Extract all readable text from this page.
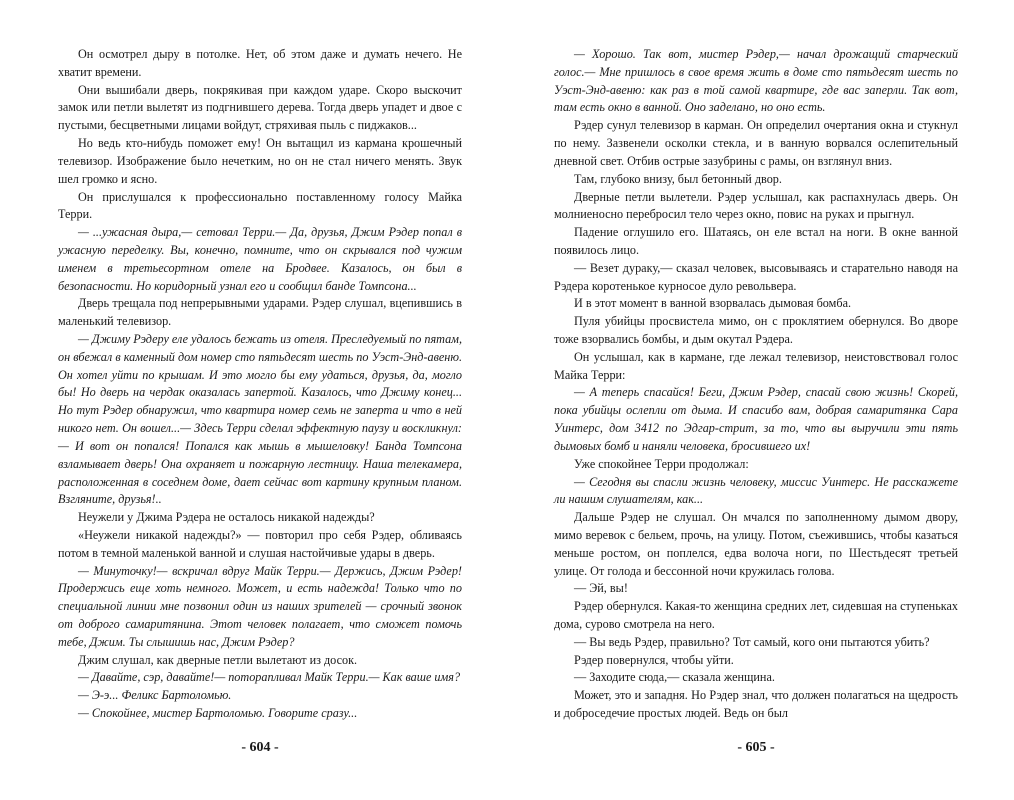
Он осмотрел дыру в потолке. Нет, об этом даже и думать нечего. Не хватит времени.

Они вышибали дверь, покрякивая при каждом ударе. Скоро выскочит замок или петли вылетят из подгнившего дерева. Тогда дверь упадет и двое с пустыми, бесцветными лицами войдут, стряхивая пыль с пиджаков...

Но ведь кто-нибудь поможет ему! Он вытащил из кармана крошечный телевизор. Изображение было нечетким, но он не стал ничего менять. Звук шел громко и ясно.

Он прислушался к профессионально поставленному голосу Майка Терри.

— ...ужасная дыра,— сетовал Терри.— Да, друзья, Джим Рэдер попал в ужасную переделку. Вы, конечно, помните, что он скрывался под чужим именем в третьесортном отеле на Бродвее. Казалось, он был в безопасности. Но коридорный узнал его и сообщил банде Томпсона...

Дверь трещала под непрерывными ударами. Рэдер слушал, вцепившись в маленький телевизор.

— Джиму Рэдеру еле удалось бежать из отеля. Преследуемый по пятам, он вбежал в каменный дом номер сто пятьдесят шесть по Уэст-Энд-авеню. Он хотел уйти по крышам. И это могло бы ему удаться, друзья, да, могло бы! Но дверь на чердак оказалась запертой. Казалось, что Джиму конец... Но тут Рэдер обнаружил, что квартира номер семь не заперта и что в ней никого нет. Он вошел...— Здесь Терри сделал эффектную паузу и воскликнул: — И вот он попался! Попался как мышь в мышеловку! Банда Томпсона взламывает дверь! Она охраняет и пожарную лестницу. Наша телекамера, расположенная в соседнем доме, дает сейчас вот картину крупным планом. Взгляните, друзья!..

Неужели у Джима Рэдера не осталось никакой надежды?

«Неужели никакой надежды?» — повторил про себя Рэдер, обливаясь потом в темной маленькой ванной и слушая настойчивые удары в дверь.

— Минуточку!— вскричал вдруг Майк Терри.— Держись, Джим Рэдер! Продержись еще хоть немного. Может, и есть надежда! Только что по специальной линии мне позвонил один из наших зрителей — срочный звонок от доброго самаритянина. Этот человек полагает, что сможет помочь тебе, Джим. Ты слышишь нас, Джим Рэдер?

Джим слушал, как дверные петли вылетают из досок.

— Давайте, сэр, давайте!— поторапливал Майк Терри.— Как ваше имя?

— Э-э... Феликс Бартоломью.

— Спокойнее, мистер Бартоломью. Говорите сразу...

— Хорошо. Так вот, мистер Рэдер,— начал дрожащий старческий голос.— Мне пришлось в свое время жить в доме сто пятьдесят шесть по Уэст-Энд-авеню: как раз в той самой квартире, где вас заперли. Так вот, там есть окно в ванной. Оно заделано, но оно есть.

Рэдер сунул телевизор в карман. Он определил очертания окна и стукнул по нему. Зазвенели осколки стекла, и в ванную ворвался ослепительный дневной свет. Отбив острые зазубрины с рамы, он взглянул вниз.

Там, глубоко внизу, был бетонный двор.

Дверные петли вылетели. Рэдер услышал, как распахнулась дверь. Он молниеносно перебросил тело через окно, повис на руках и прыгнул.

Падение оглушило его. Шатаясь, он еле встал на ноги. В окне ванной появилось лицо.

— Везет дураку,— сказал человек, высовываясь и старательно наводя на Рэдера коротенькое курносое дуло револьвера.

И в этот момент в ванной взорвалась дымовая бомба.

Пуля убийцы просвистела мимо, он с проклятием обернулся. Во дворе тоже взорвались бомбы, и дым окутал Рэдера.

Он услышал, как в кармане, где лежал телевизор, неистовствовал голос Майка Терри:

— А теперь спасайся! Беги, Джим Рэдер, спасай свою жизнь! Скорей, пока убийцы ослепли от дыма. И спасибо вам, добрая самаритянка Сара Уинтерс, дом 3412 по Эдгар-стрит, за то, что вы выручили эти пять дымовых бомб и наняли человека, бросившего их!

Уже спокойнее Терри продолжал:

— Сегодня вы спасли жизнь человеку, миссис Уинтерс. Не расскажете ли нашим слушателям, как...

Дальше Рэдер не слушал. Он мчался по заполненному дымом двору, мимо веревок с бельем, прочь, на улицу. Потом, съежившись, чтобы казаться меньше ростом, он поплелся, едва волоча ноги, по Шестьдесят третьей улице. От голода и бессонной ночи кружилась голова.

— Эй, вы!

Рэдер обернулся. Какая-то женщина средних лет, сидевшая на ступеньках дома, сурово смотрела на него.

— Вы ведь Рэдер, правильно? Тот самый, кого они пытаются убить?

Рэдер повернулся, чтобы уйти.

— Заходите сюда,— сказала женщина.

Может, это и западня. Но Рэдер знал, что должен полагаться на щедрость и доброседечие простых людей. Ведь он был

- 604 -	- 605 -
